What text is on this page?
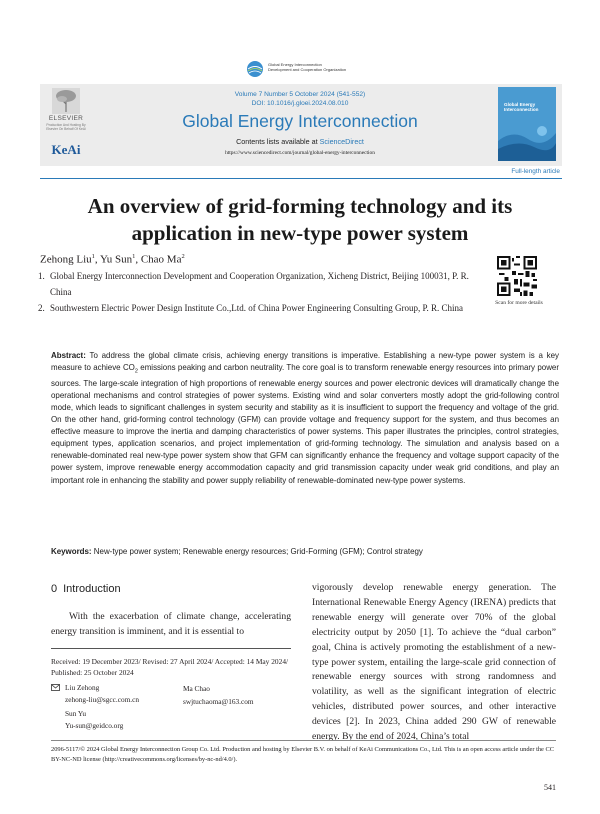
Global Energy Interconnection
Development and Cooperation Organization
ELSEVIER
Production And Hosting By Elsevier On Behalf Of KeAi
KeAi
Volume 7 Number 5 October 2024 (541-552)
DOI: 10.1016/j.gloei.2024.08.010
Global Energy Interconnection
Contents lists available at ScienceDirect
https://www.sciencedirect.com/journal/global-energy-interconnection
Global Energy Interconnection
Full-length article
An overview of grid-forming technology and its
application in new-type power system
Zehong Liu$^1$, Yu Sun$^1$, Chao Ma$^2$
1. Global Energy Interconnection Development and Cooperation Organization, Xicheng District, Beijing 100031, P. R. China
2. Southwestern Electric Power Design Institute Co.,Ltd. of China Power Engineering Consulting Group, P. R. China	Scan for more details
Abstract: To address the global climate crisis, achieving energy transitions is imperative. Establishing a new-type power system is a key measure to achieve $CO_2$ emissions peaking and carbon neutrality. The core goal is to transform renewable energy resources into primary power sources. The large-scale integration of high proportions of renewable energy sources and power electronic devices will dramatically change the operational mechanisms and control strategies of power systems. Existing wind and solar converters mostly adopt the grid-following control mode, which leads to significant challenges in system security and stability as it is insufficient to support the frequency and voltage of the grid. On the other hand, grid-forming control technology (GFM) can provide voltage and frequency support for the system, and thus becomes an effective measure to improve the inertia and damping characteristics of power systems. This paper illustrates the principles, control strategies, equipment types, application scenarios, and project implementation of grid-forming technology. The simulation and analysis based on a renewable-dominated real new-type power system show that GFM can significantly enhance the frequency and voltage support capacity of the power system, improve renewable energy accommodation capacity and grid transmission capacity under weak grid conditions, and play an important role in enhancing the stability and power supply reliability of renewable-dominated new-type power systems.
Keywords: New-type power system; Renewable energy resources; Grid-Forming (GFM); Control strategy
0 Introduction
With the exacerbation of climate change, accelerating energy transition is imminent, and it is essential to
vigorously develop renewable energy generation. The International Renewable Energy Agency (IRENA) predicts that renewable energy will generate over 70% of the global electricity output by 2050 [1]. To achieve the “dual carbon” goal, China is actively promoting the establishment of a new-type power system, entailing the large-scale grid connection of renewable energy sources with strong randomness and volatility, as well as the significant integration of electric vehicles, distributed power sources, and other interactive devices [2]. In 2023, China added 290 GW of renewable energy. By the end of 2024, China’s total
Received: 19 December 2023/ Revised: 27 April 2024/ Accepted: 14 May 2024/ Published: 25 October 2024
Liu Zehong
zehong-liu@sgcc.com.cn
Sun Yu
Yu-sun@geidco.org
Ma Chao
swjtuchaoma@163.com
2096-5117/© 2024 Global Energy Interconnection Group Co. Ltd. Production and hosting by Elsevier B.V. on behalf of KeAi Communications Co., Ltd. This is an open access article under the CC BY-NC-ND license (http://creativecommons.org/licenses/by-nc-nd/4.0/).
541
